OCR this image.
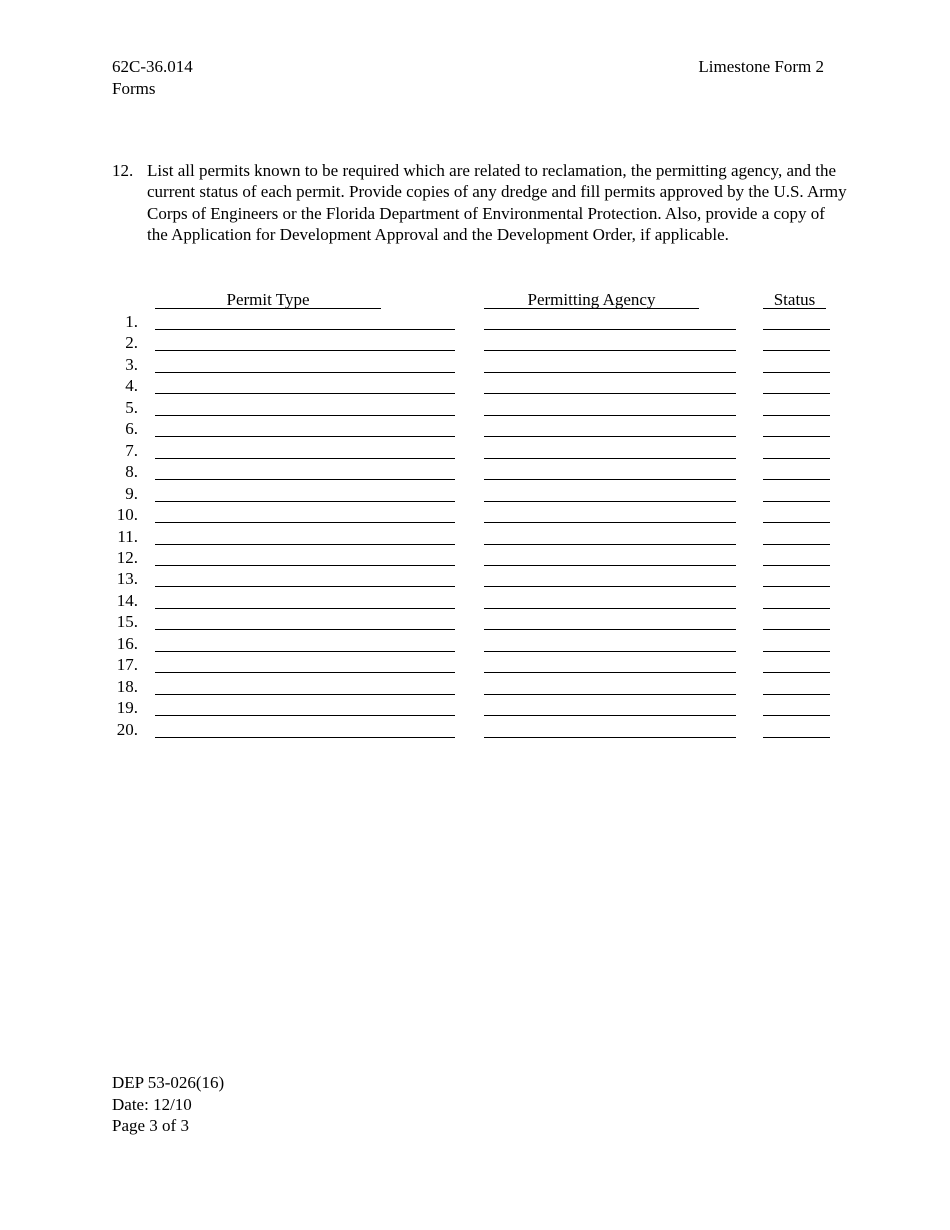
62C-36.014
Forms
Limestone Form 2
12. List all permits known to be required which are related to reclamation, the permitting agency, and the current status of each permit. Provide copies of any dredge and fill permits approved by the U.S. Army Corps of Engineers or the Florida Department of Environmental Protection. Also, provide a copy of the Application for Development Approval and the Development Order, if applicable.
Permit Type	Permitting Agency	Status
1.
2.
3.
4.
5.
6.
7.
8.
9.
10.
11.
12.
13.
14.
15.
16.
17.
18.
19.
20.
DEP 53-026(16)
Date: 12/10
Page 3 of 3
